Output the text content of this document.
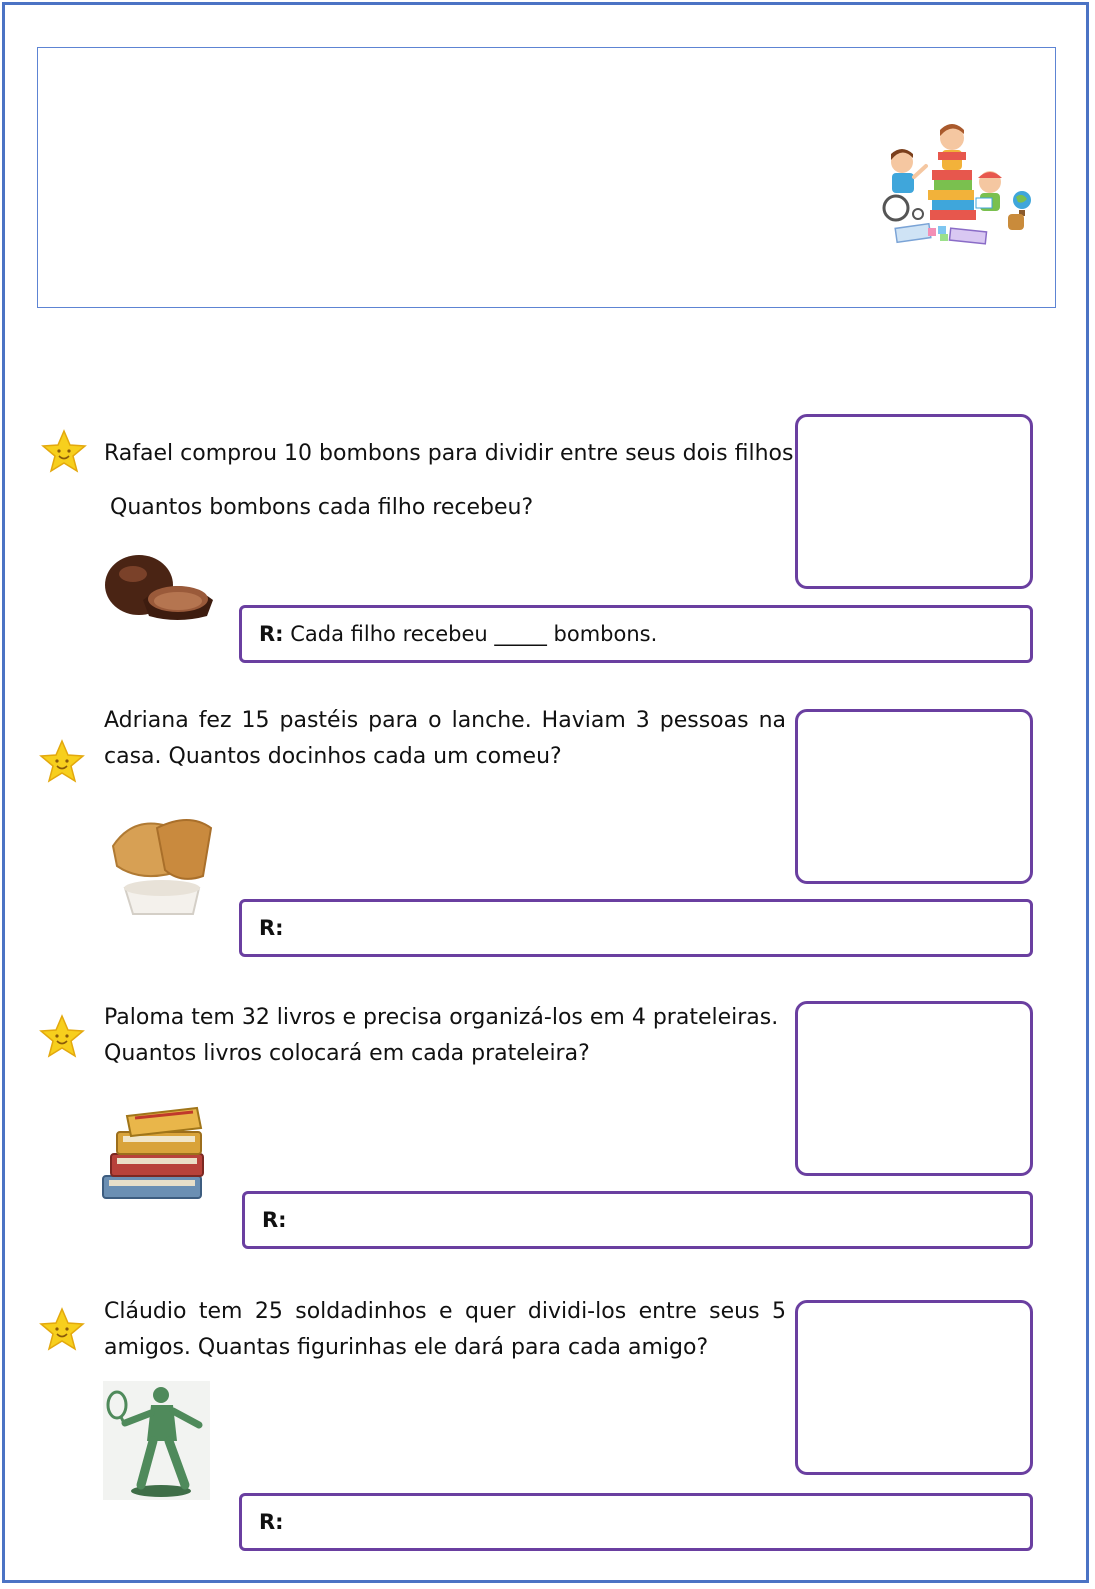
Rafael comprou 10 bombons para dividir entre seus dois filhos.
Quantos bombons cada filho recebeu?
R: Cada filho recebeu _____ bombons.
Adriana fez 15 pastéis para o lanche. Haviam 3 pessoas na casa. Quantos docinhos cada um comeu?
R:
Paloma tem 32 livros e precisa organizá-los em 4 prateleiras. Quantos livros colocará em cada prateleira?
R:
Cláudio tem 25 soldadinhos e quer dividi-los entre seus 5 amigos. Quantas figurinhas ele dará para cada amigo?
R:
